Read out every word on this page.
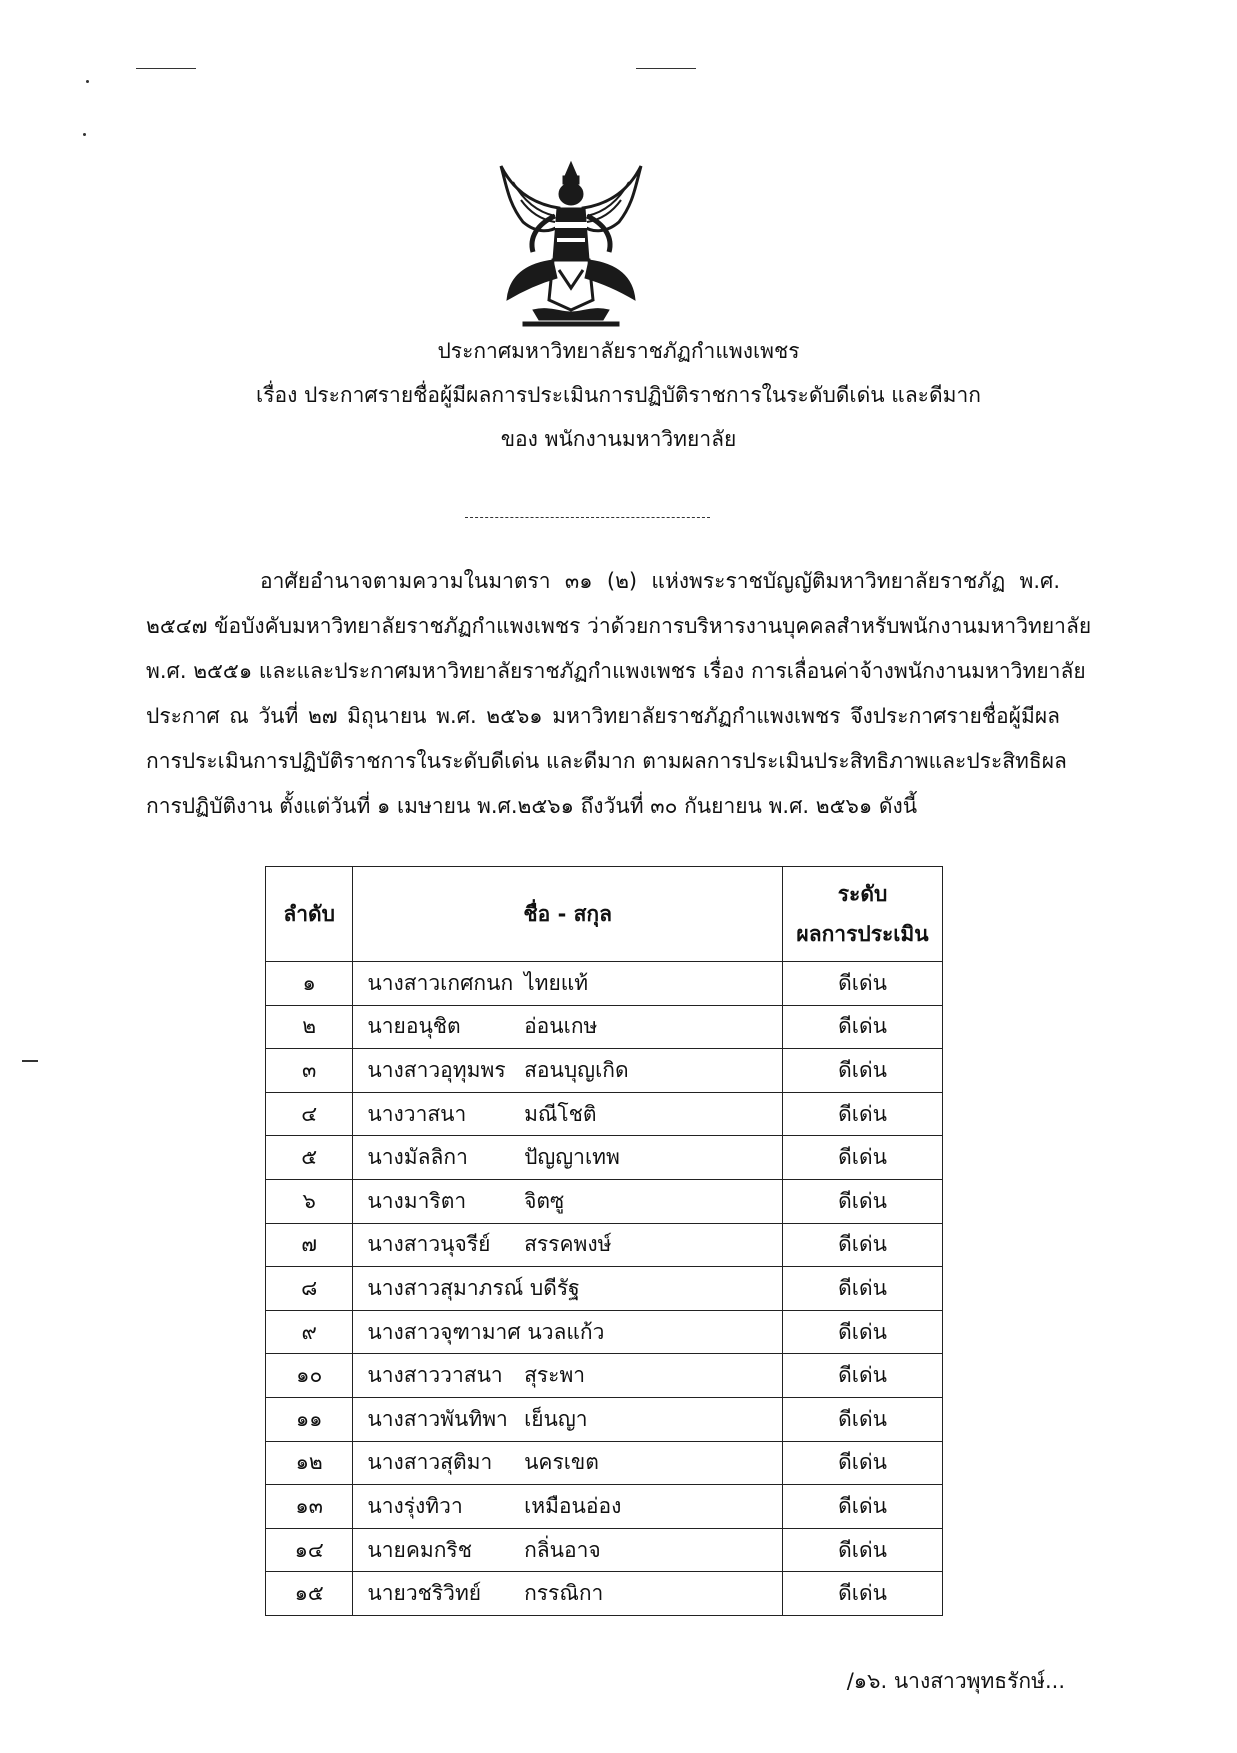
ประกาศมหาวิทยาลัยราชภัฏกำแพงเพชร
เรื่อง ประกาศรายชื่อผู้มีผลการประเมินการปฏิบัติราชการในระดับดีเด่น และดีมาก
ของ พนักงานมหาวิทยาลัย
อาศัยอำนาจตามความในมาตรา ๓๑ (๒) แห่งพระราชบัญญัติมหาวิทยาลัยราชภัฏ พ.ศ.
๒๕๔๗ ข้อบังคับมหาวิทยาลัยราชภัฏกำแพงเพชร ว่าด้วยการบริหารงานบุคคลสำหรับพนักงานมหาวิทยาลัย
พ.ศ. ๒๕๕๑ และและประกาศมหาวิทยาลัยราชภัฏกำแพงเพชร เรื่อง การเลื่อนค่าจ้างพนักงานมหาวิทยาลัย
ประกาศ ณ วันที่ ๒๗ มิถุนายน พ.ศ. ๒๕๖๑ มหาวิทยาลัยราชภัฏกำแพงเพชร จึงประกาศรายชื่อผู้มีผล
การประเมินการปฏิบัติราชการในระดับดีเด่น และดีมาก ตามผลการประเมินประสิทธิภาพและประสิทธิผล
การปฏิบัติงาน ตั้งแต่วันที่ ๑ เมษายน พ.ศ.๒๕๖๑ ถึงวันที่ ๓๐ กันยายน พ.ศ. ๒๕๖๑ ดังนี้
ลำดับ	ชื่อ - สกุล	ระดับ
ผลการประเมิน

๑	นางสาวเกศกนก ไทยแท้	ดีเด่น
๒	นายอนุชิต อ่อนเกษ	ดีเด่น
๓	นางสาวอุทุมพร สอนบุญเกิด	ดีเด่น
๔	นางวาสนา มณีโชติ	ดีเด่น
๕	นางมัลลิกา ปัญญาเทพ	ดีเด่น
๖	นางมาริตา จิตซู	ดีเด่น
๗	นางสาวนุจรีย์ สรรคพงษ์	ดีเด่น
๘	นางสาวสุมาภรณ์ บดีรัฐ	ดีเด่น
๙	นางสาวจุฑามาศ นวลแก้ว	ดีเด่น
๑๐	นางสาววาสนา สุระพา	ดีเด่น
๑๑	นางสาวพันทิพา เย็นญา	ดีเด่น
๑๒	นางสาวสุติมา นครเขต	ดีเด่น
๑๓	นางรุ่งทิวา เหมือนอ่อง	ดีเด่น
๑๔	นายคมกริช กลิ่นอาจ	ดีเด่น
๑๕	นายวชริวิทย์ กรรณิกา	ดีเด่น
/๑๖. นางสาวพุทธรักษ์...
